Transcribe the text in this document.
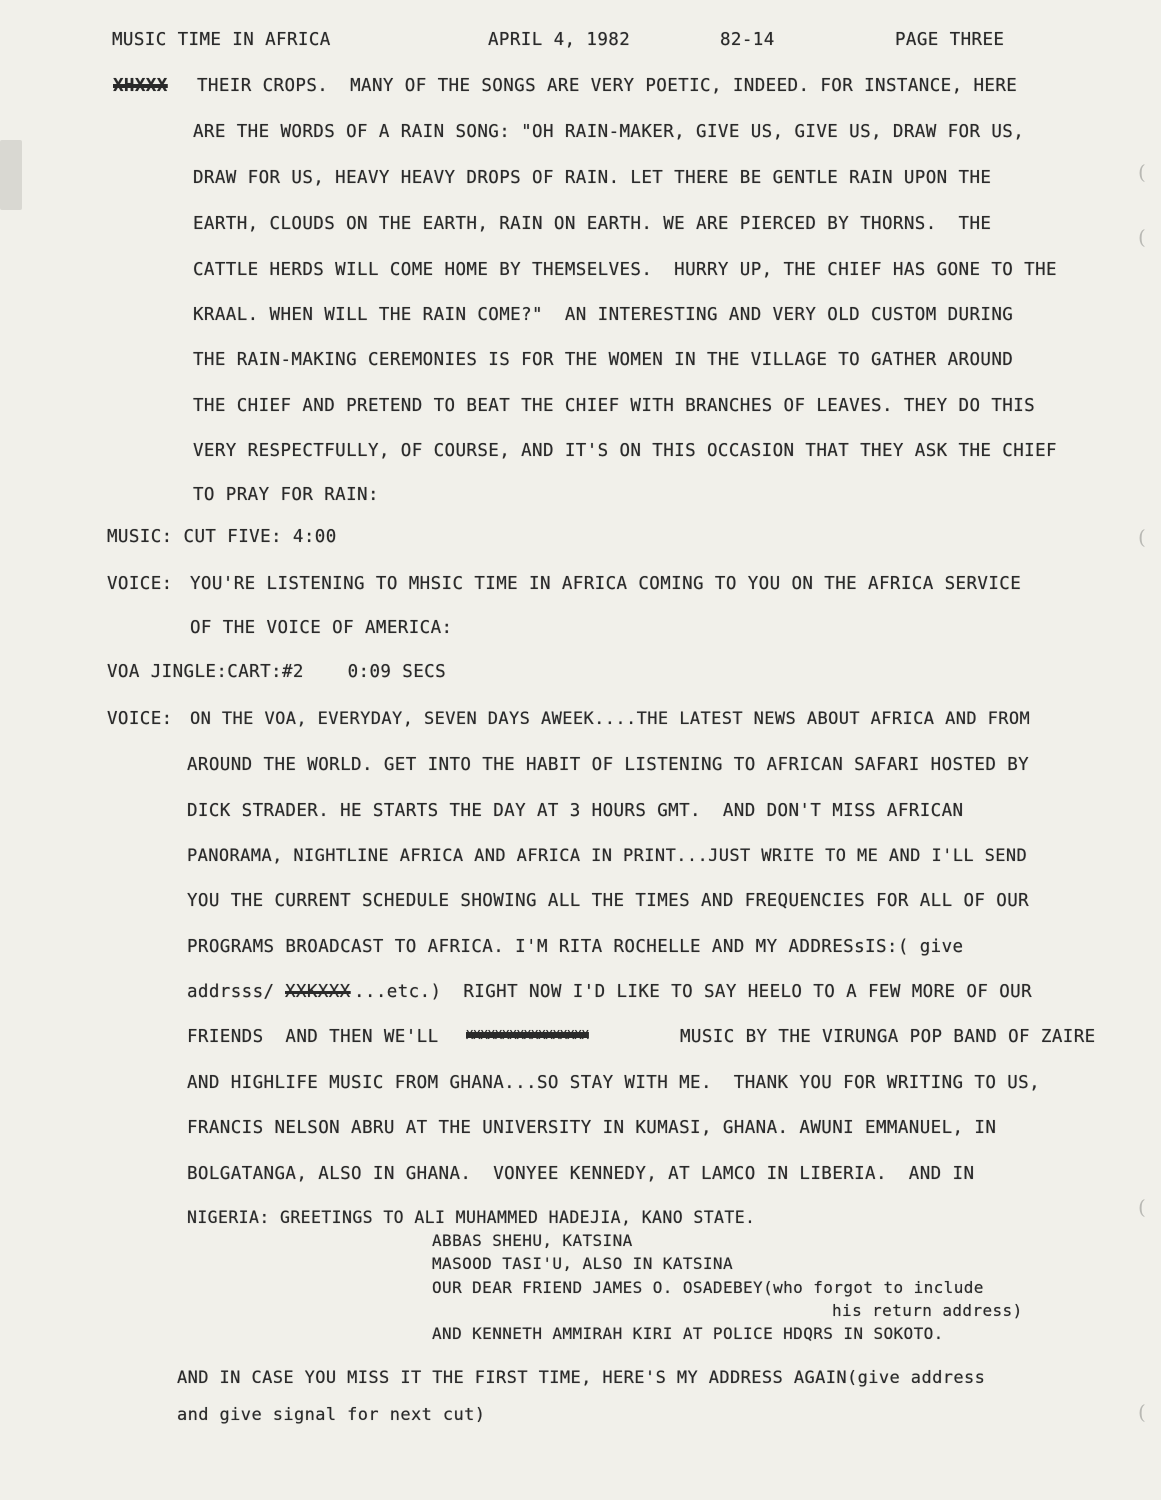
(
(
(
(
(
MUSIC TIME IN AFRICA	APRIL 4, 1982	82-14	PAGE THREE
XHXXX THEIR CROPS.  MANY OF THE SONGS ARE VERY POETIC, INDEED. FOR INSTANCE, HERE
ARE THE WORDS OF A RAIN SONG: "OH RAIN-MAKER, GIVE US, GIVE US, DRAW FOR US,
DRAW FOR US, HEAVY HEAVY DROPS OF RAIN. LET THERE BE GENTLE RAIN UPON THE
EARTH, CLOUDS ON THE EARTH, RAIN ON EARTH. WE ARE PIERCED BY THORNS.  THE
CATTLE HERDS WILL COME HOME BY THEMSELVES.  HURRY UP, THE CHIEF HAS GONE TO THE
KRAAL. WHEN WILL THE RAIN COME?"  AN INTERESTING AND VERY OLD CUSTOM DURING
THE RAIN-MAKING CEREMONIES IS FOR THE WOMEN IN THE VILLAGE TO GATHER AROUND
THE CHIEF AND PRETEND TO BEAT THE CHIEF WITH BRANCHES OF LEAVES. THEY DO THIS
VERY RESPECTFULLY, OF COURSE, AND IT'S ON THIS OCCASION THAT THEY ASK THE CHIEF
TO PRAY FOR RAIN:
MUSIC: CUT FIVE: 4:00
VOICE: YOU'RE LISTENING TO MHSIC TIME IN AFRICA COMING TO YOU ON THE AFRICA SERVICE
OF THE VOICE OF AMERICA:
VOA JINGLE:CART:#2    0:09 SECS
VOICE: ON THE VOA, EVERYDAY, SEVEN DAYS AWEEK....THE LATEST NEWS ABOUT AFRICA AND FROM
AROUND THE WORLD. GET INTO THE HABIT OF LISTENING TO AFRICAN SAFARI HOSTED BY
DICK STRADER. HE STARTS THE DAY AT 3 HOURS GMT.  AND DON'T MISS AFRICAN
PANORAMA, NIGHTLINE AFRICA AND AFRICA IN PRINT...JUST WRITE TO ME AND I'LL SEND
YOU THE CURRENT SCHEDULE SHOWING ALL THE TIMES AND FREQUENCIES FOR ALL OF OUR
PROGRAMS BROADCAST TO AFRICA. I'M RITA ROCHELLE AND MY ADDRESsIS:( give
addrsss/ XXKXXX ...etc.)  RIGHT NOW I'D LIKE TO SAY HEELO TO A FEW MORE OF OUR
FRIENDS  AND THEN WE'LL XXXXXXXXXXXXXXXXX	MUSIC BY THE VIRUNGA POP BAND OF ZAIRE
AND HIGHLIFE MUSIC FROM GHANA...SO STAY WITH ME.  THANK YOU FOR WRITING TO US,
FRANCIS NELSON ABRU AT THE UNIVERSITY IN KUMASI, GHANA. AWUNI EMMANUEL, IN
BOLGATANGA, ALSO IN GHANA.  VONYEE KENNEDY, AT LAMCO IN LIBERIA.  AND IN
NIGERIA: GREETINGS TO ALI MUHAMMED HADEJIA, KANO STATE.
ABBAS SHEHU, KATSINA
MASOOD TASI'U, ALSO IN KATSINA
OUR DEAR FRIEND JAMES O. OSADEBEY(who forgot to include
his return address)
AND KENNETH AMMIRAH KIRI AT POLICE HDQRS IN SOKOTO.
AND IN CASE YOU MISS IT THE FIRST TIME, HERE'S MY ADDRESS AGAIN(give address
and give signal for next cut)
